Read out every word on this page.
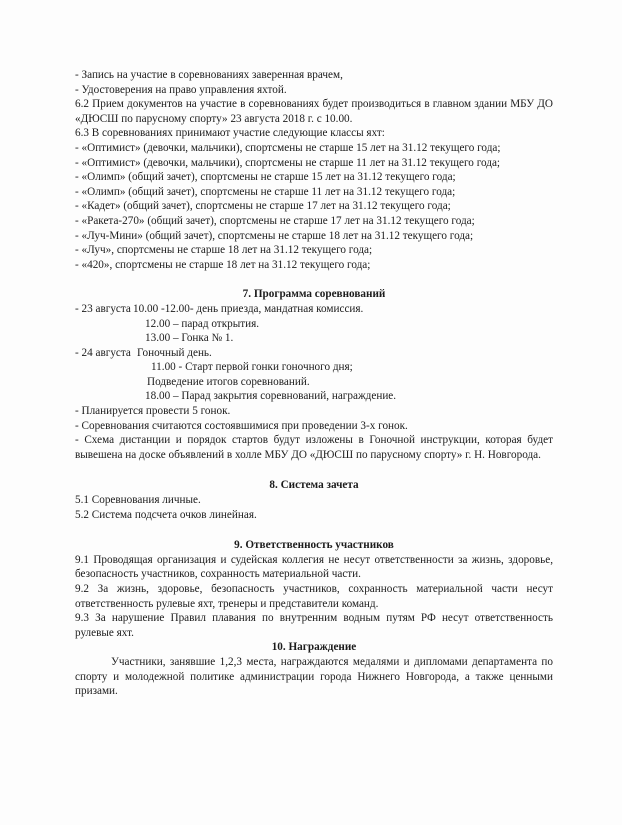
- Запись на участие в соревнованиях заверенная врачем,

- Удостоверения на право управления яхтой.

6.2 Прием документов на участие в соревнованиях будет производиться в главном здании МБУ ДО «ДЮСШ по парусному спорту» 23 августа 2018 г. с 10.00.

6.3 В соревнованиях принимают участие следующие классы яхт:

- «Оптимист» (девочки, мальчики), спортсмены не старше 15 лет на 31.12 текущего года;

- «Оптимист» (девочки, мальчики), спортсмены не старше 11 лет на 31.12 текущего года;

- «Олимп» (общий зачет), спортсмены не старше 15 лет на 31.12 текущего года;

- «Олимп» (общий зачет), спортсмены не старше 11 лет на 31.12 текущего года;

- «Кадет» (общий зачет), спортсмены не старше 17 лет на 31.12 текущего года;

- «Ракета-270» (общий зачет), спортсмены не старше 17 лет на 31.12 текущего года;

- «Луч-Мини» (общий зачет), спортсмены не старше 18 лет на 31.12 текущего года;

- «Луч», спортсмены не старше 18 лет на 31.12 текущего года;

- «420», спортсмены не старше 18 лет на 31.12 текущего года;

7. Программа соревнований

- 23 августа 10.00 -12.00- день приезда, мандатная комиссия.
12.00 – парад открытия.
13.00 – Гонка № 1.
- 24 августа Гоночный день.
11.00 - Старт первой гонки гоночного дня;
Подведение итогов соревнований.
18.00 – Парад закрытия соревнований, награждение.

- Планируется провести 5 гонок.

- Соревнования считаются состоявшимися при проведении 3-х гонок.

- Схема дистанции и порядок стартов будут изложены в Гоночной инструкции, которая будет вывешена на доске объявлений в холле МБУ ДО «ДЮСШ по парусному спорту» г. Н. Новгорода.

8. Система зачета

5.1 Соревнования личные.

5.2 Система подсчета очков линейная.

9. Ответственность участников

9.1 Проводящая организация и судейская коллегия не несут ответственности за жизнь, здоровье, безопасность участников, сохранность материальной части.

9.2 За жизнь, здоровье, безопасность участников, сохранность материальной части несут ответственность рулевые яхт, тренеры и представители команд.

9.3 За нарушение Правил плавания по внутренним водным путям РФ несут ответственность рулевые яхт.

10. Награждение

Участники, занявшие 1,2,3 места, награждаются медалями и дипломами департамента по спорту и молодежной политике администрации города Нижнего Новгорода, а также ценными призами.
